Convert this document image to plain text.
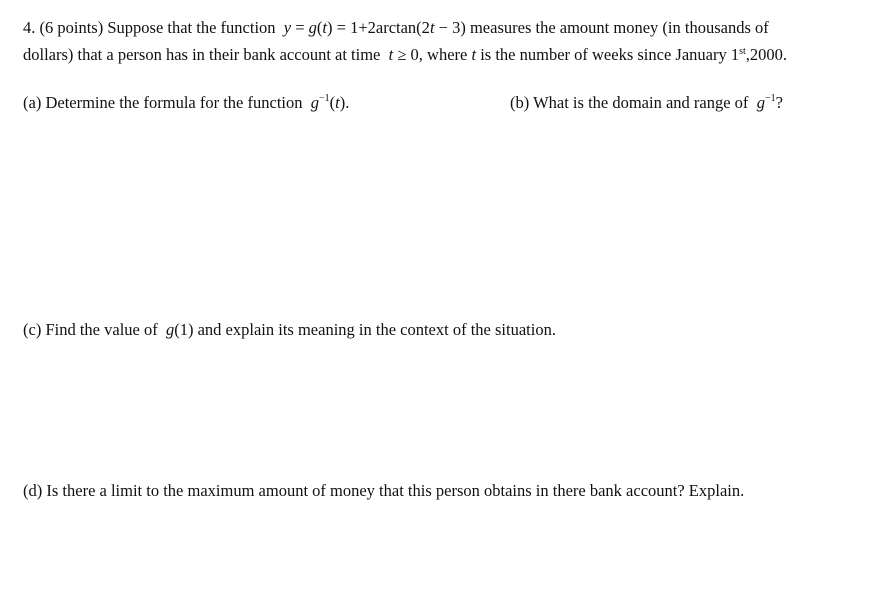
4. (6 points) Suppose that the function y = g(t) = 1+2arctan(2t − 3) measures the amount money (in thousands of
dollars) that a person has in their bank account at time t ≥ 0, where t is the number of weeks since January 1st,2000.
(a) Determine the formula for the function $g^{-1}(t)$.	(b) What is the domain and range of $g^{-1}$?
(c) Find the value of g(1) and explain its meaning in the context of the situation.
(d) Is there a limit to the maximum amount of money that this person obtains in there bank account? Explain.
